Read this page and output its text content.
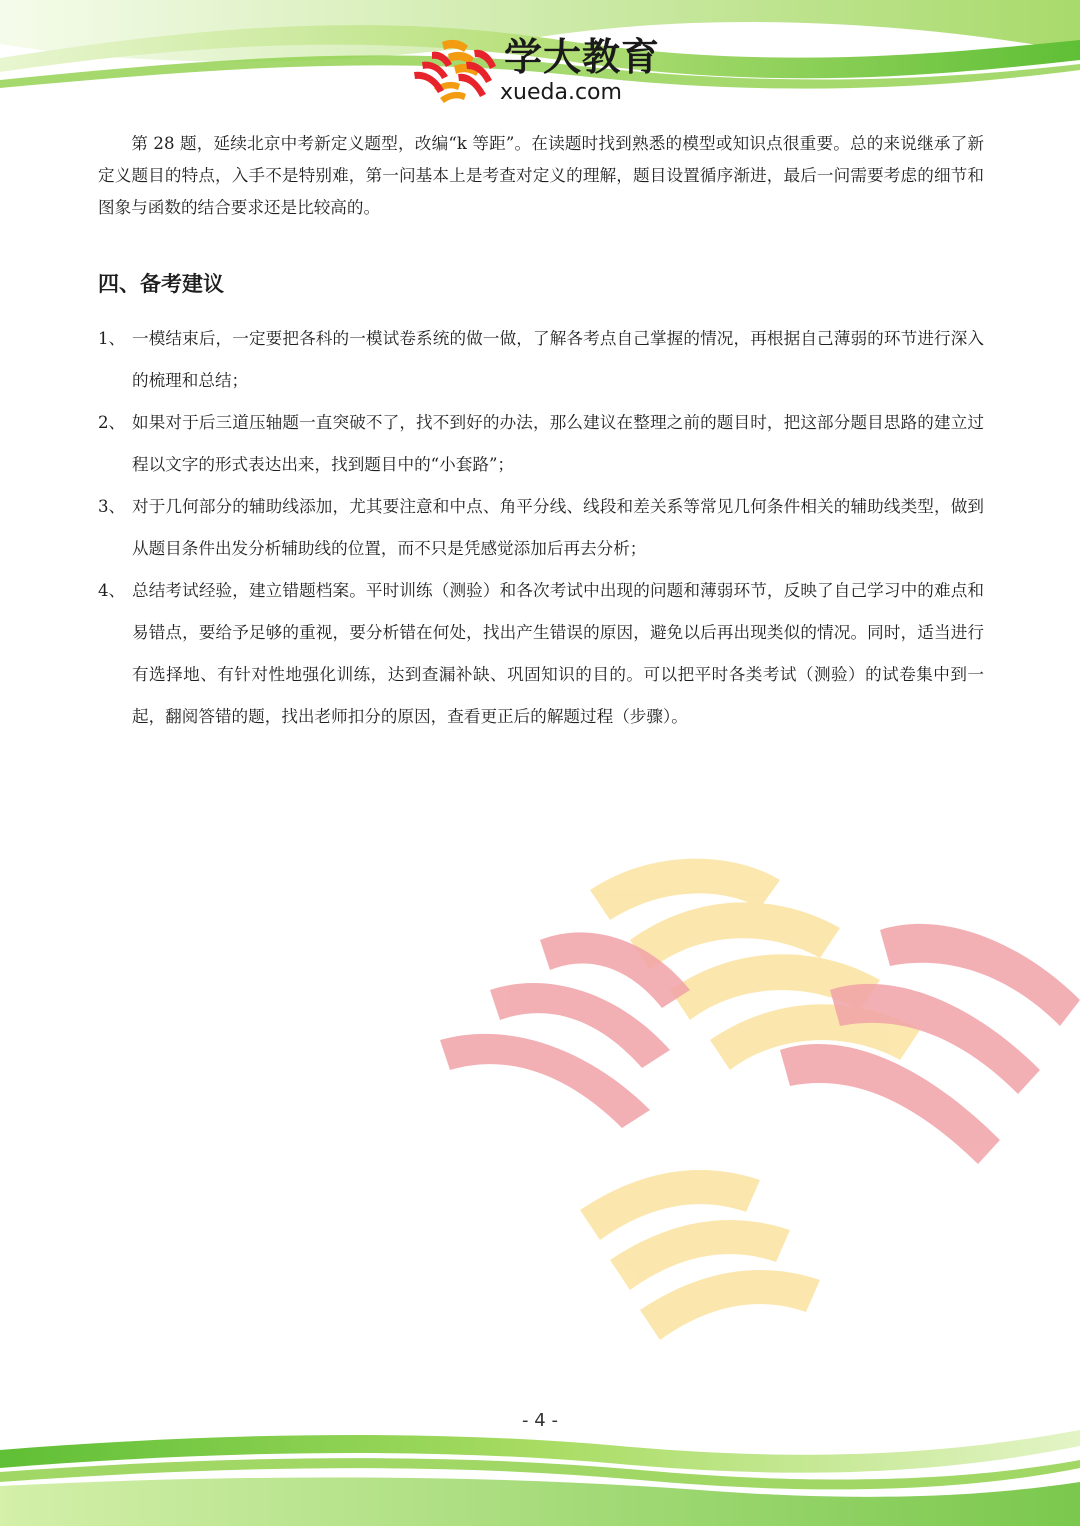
学大教育
xueda.com

第 28 题，延续北京中考新定义题型，改编“k 等距”。在读题时找到熟悉的模型或知识点很重要。总的来说继承了新定义题目的特点，入手不是特别难，第一问基本上是考查对定义的理解，题目设置循序渐进，最后一问需要考虑的细节和图象与函数的结合要求还是比较高的。

四、备考建议
1、 一模结束后，一定要把各科的一模试卷系统的做一做，了解各考点自己掌握的情况，再根据自己薄弱的环节进行深入的梳理和总结；
2、 如果对于后三道压轴题一直突破不了，找不到好的办法，那么建议在整理之前的题目时，把这部分题目思路的建立过程以文字的形式表达出来，找到题目中的“小套路”；
3、 对于几何部分的辅助线添加，尤其要注意和中点、角平分线、线段和差关系等常见几何条件相关的辅助线类型，做到从题目条件出发分析辅助线的位置，而不只是凭感觉添加后再去分析；
4、 总结考试经验，建立错题档案。平时训练（测验）和各次考试中出现的问题和薄弱环节，反映了自己学习中的难点和易错点，要给予足够的重视，要分析错在何处，找出产生错误的原因，避免以后再出现类似的情况。同时，适当进行有选择地、有针对性地强化训练，达到查漏补缺、巩固知识的目的。可以把平时各类考试（测验）的试卷集中到一起，翻阅答错的题，找出老师扣分的原因，查看更正后的解题过程（步骤）。
- 4 -
